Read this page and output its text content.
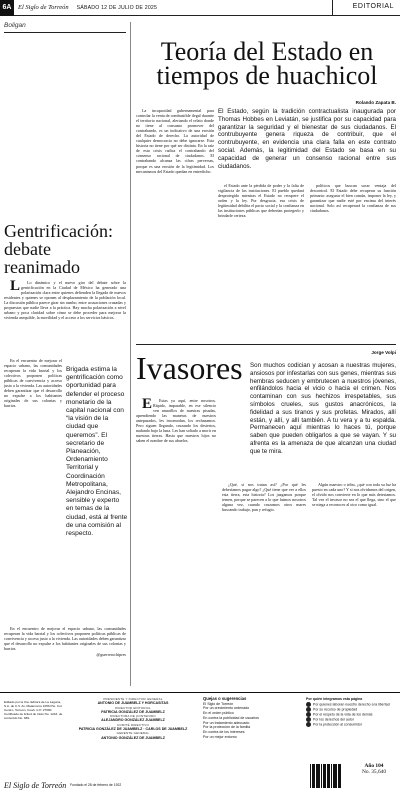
6A	El Siglo de Torreón SÁBADO 12 DE JULIO DE 2025	EDITORIAL
Boligan
Gentrificación:
debate reanimado

L Lo dinámico y el nuevo giro del debate sobre la gentrificación en la Ciudad de México ha generado una polarización clara entre quienes defienden la llegada de nuevos residentes y quienes se oponen al desplazamiento de la población local. La discusión pública parece girar sin rumbo, entre acusaciones cruzadas y propuestas que nadie lleva a la práctica. Hay mucha polarización a nivel urbano y poca claridad sobre cómo se debe proceder para mejorar la vivienda asequible, la movilidad y el acceso a los servicios básicos.

En el encuentro de mejorar el espacio urbano, las comunidades recuperan la vida barrial y los colectivos proponen políticas públicas de convivencia y acceso justo a la vivienda. Las autoridades deben garantizar que el desarrollo no expulse a los habitantes originales de sus colonias y barrios.

Brigada estima la gentrificación como oportunidad para defender el proceso monetario de la capital nacional con “la visión de la ciudad que queremos”. El secretario de Planeación, Ordenamiento Territorial y Coordinación Metropolitana, Alejandro Encinas, sensible y experto en temas de la ciudad, está al frente de una comisión al respecto.

En el encuentro de mejorar el espacio urbano, las comunidades recuperan la vida barrial y los colectivos proponen políticas públicas de convivencia y acceso justo a la vivienda. Las autoridades deben garantizar que el desarrollo no expulse a los habitantes originales de sus colonias y barrios.

@guerrerochipres
Teoría del Estado en
tiempos de huachicol
Rolando Zapata B.

La incapacidad gubernamental para controlar la venta de combustible ilegal durante el territorio nacional, alertando el relato donde no tiene al consumo promover del contrabando, es un indicativo de una erosión del Estado de derecho. La autoridad de cualquier democracia no debe ignorarse. Esta historia no tiene por qué ser distinta. En la raíz de esta crisis radica el contrabando del consenso racional de ciudadanos. El contrabando alcanza las cifras perversas, porque es una erosión de la legitimidad. Los mecanismos del Estado quedan en entredicho.

El Estado, según la tradición contractualista inaugurada por Thomas Hobbes en Leviatán, se justifica por su capacidad para garantizar la seguridad y el bienestar de sus ciudadanos. El contrubuyente genera riqueza de contribuir, que el contrubuyente, en evidencia una clara falla en este contrato social. Además, la legitimidad del Estado se basa en su capacidad de generar un consenso racional entre sus ciudadanos.

el Estado ante la pérdida de poder y la falta de vigilancia de las instituciones. El pueblo quedará desprotegido mientras el Estado no recupere el orden y la ley. Por desgracia, esa crisis de legitimidad debilita el pacto social y la confianza en las instituciones públicas que deberían protegerlo y brindarle certeza.

políticos que buscan sacar ventaja del descontrol. El Estado debe recuperar su función primaria: asegurar el bien común, imponer la ley, y garantizar que nadie esté por encima del interés nacional. Solo así recuperará la confianza de sus ciudadanos.

Ivasores	Jorge Volpi
Son muchos codician y acosan a nuestras mujeres, ansiosos por infestarlas con sus genes, mientras sus hembras seducen y embrutecen a nuestros jóvenes, enfilándolos hacia el vicio o hacia el crimen. Nos contaminan con sus hechizos irrespetables, sus símbolos crueles, sus gustos anacrónicos, la fidelidad a sus tiranos y sus profetas. Mirados, allí están, y allí, y allí también. A tu vera y a tu espalda. Permanecen aquí mientras lo haces tú, porque saben que pueden obligarlos a que se vayan. Y su afrenta es la amenaza de que alcanzan una ciudad que te mira.

E Estas ya aquí, entre nosotros. Rápido, imparable, en ese silencio ven amarillos de nuestras pisadas, aprendiendo las maneras de nuestros antepasados, les incomodan, los rechazamos. Pero siguen llegando, cruzando los desiertos, nadando bajo la luna. Les han soltado a morir en nuestras tierras. Hasta que nuestros hijos no saben el nombre de sus abuelos.

¿Qué, si nos tratan así? ¿Por qué les deberíamos pagar algo? ¿Qué tiene que ver a ellos esta tierra, esta historia? Los juzgamos porque temen, porque se parecen a lo que fuimos nosotros alguna vez, cuando cruzamos otros mares buscando trabajo, pan y refugio.

Algún maestro o tribu, ¿qué con toda su luz ha puesto en cada uno? Y si nos olvidamos del origen, el olvido nos convierte en lo que más detestamos. Tal vez el invasor no sea el que llega, sino el que se niega a reconocer al otro como igual.

Editado por la Cía. Editora de La Laguna, S.A. de C.V. Av. Matamoros 1056 Pte. Col. Centro, Torreón, Coah. C.P. 27000. Certificado de licitud de título No. 1243, de contenido No. 669.
PRESIDENTE Y DIRECTOR GENERAL
ANTONIO DE JUAMBELZ Y HORCASITAS
DIRECTOR EDITORIAL
PATRICIA GONZÁLEZ DE JUAMBELZ
DIRECTORA DE CONTENIDO
ALEJANDRO GONZÁLEZ JUAMBELZ
COMITÉ DIRECTIVO
PATRICIA GONZÁLEZ DE JUAMBELZ · CARLOS DE JUAMBELZ
GERENTE GENERAL
ANTONIO GONZÁLEZ DE JUAMBELZ
El Siglo de Torreón Fundado el 28 de febrero de 1922
Quejas o sugerencias
El Siglo de Torreón
Por un crecimiento ordenado
En el orden público
En contra la publicidad de usuarios
Por un tratamiento adecuado
Por la protección de la familia
En contra de los intereses
Por un mejor entorno
Por quién integramos esta página
Por quienes laboran nuestro derecho a la libertad
Por su recurso de propiedad
Por el respeto de la vida de los demás
Por los derechos del autor
Por la protección al consumidor
Año 104
No. 35,640
